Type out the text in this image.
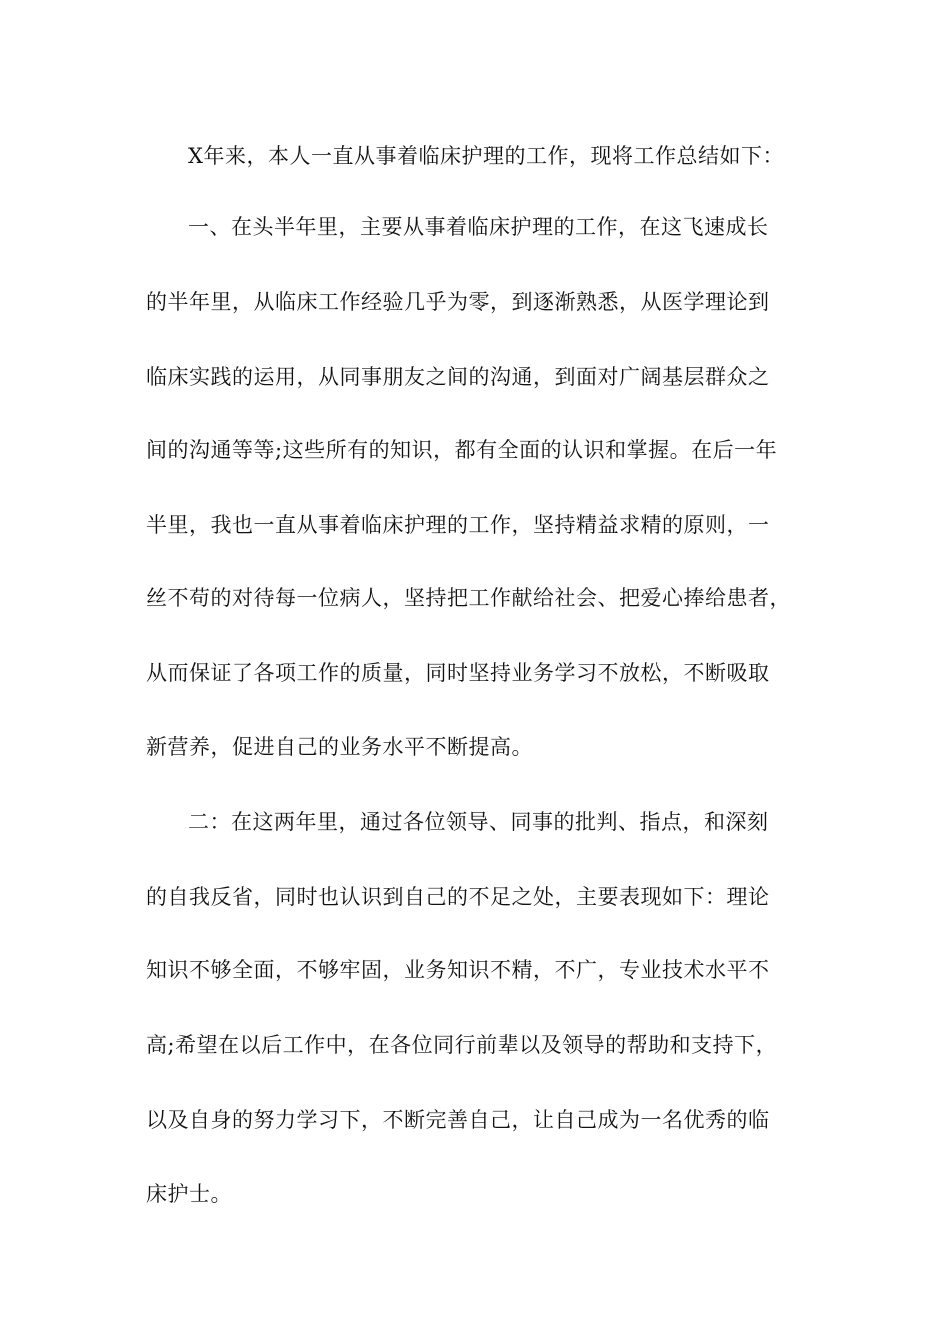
X年来，本人一直从事着临床护理的工作，现将工作总结如下：

一、在头半年里，主要从事着临床护理的工作，在这飞速成长

的半年里，从临床工作经验几乎为零，到逐渐熟悉，从医学理论到

临床实践的运用，从同事朋友之间的沟通，到面对广阔基层群众之

间的沟通等等;这些所有的知识，都有全面的认识和掌握。在后一年

半里，我也一直从事着临床护理的工作，坚持精益求精的原则，一

丝不苟的对待每一位病人，坚持把工作献给社会、把爱心捧给患者，

从而保证了各项工作的质量，同时坚持业务学习不放松，不断吸取

新营养，促进自己的业务水平不断提高。

二：在这两年里，通过各位领导、同事的批判、指点，和深刻

的自我反省，同时也认识到自己的不足之处，主要表现如下：理论

知识不够全面，不够牢固，业务知识不精，不广，专业技术水平不

高;希望在以后工作中，在各位同行前辈以及领导的帮助和支持下，

以及自身的努力学习下，不断完善自己，让自己成为一名优秀的临

床护士。
